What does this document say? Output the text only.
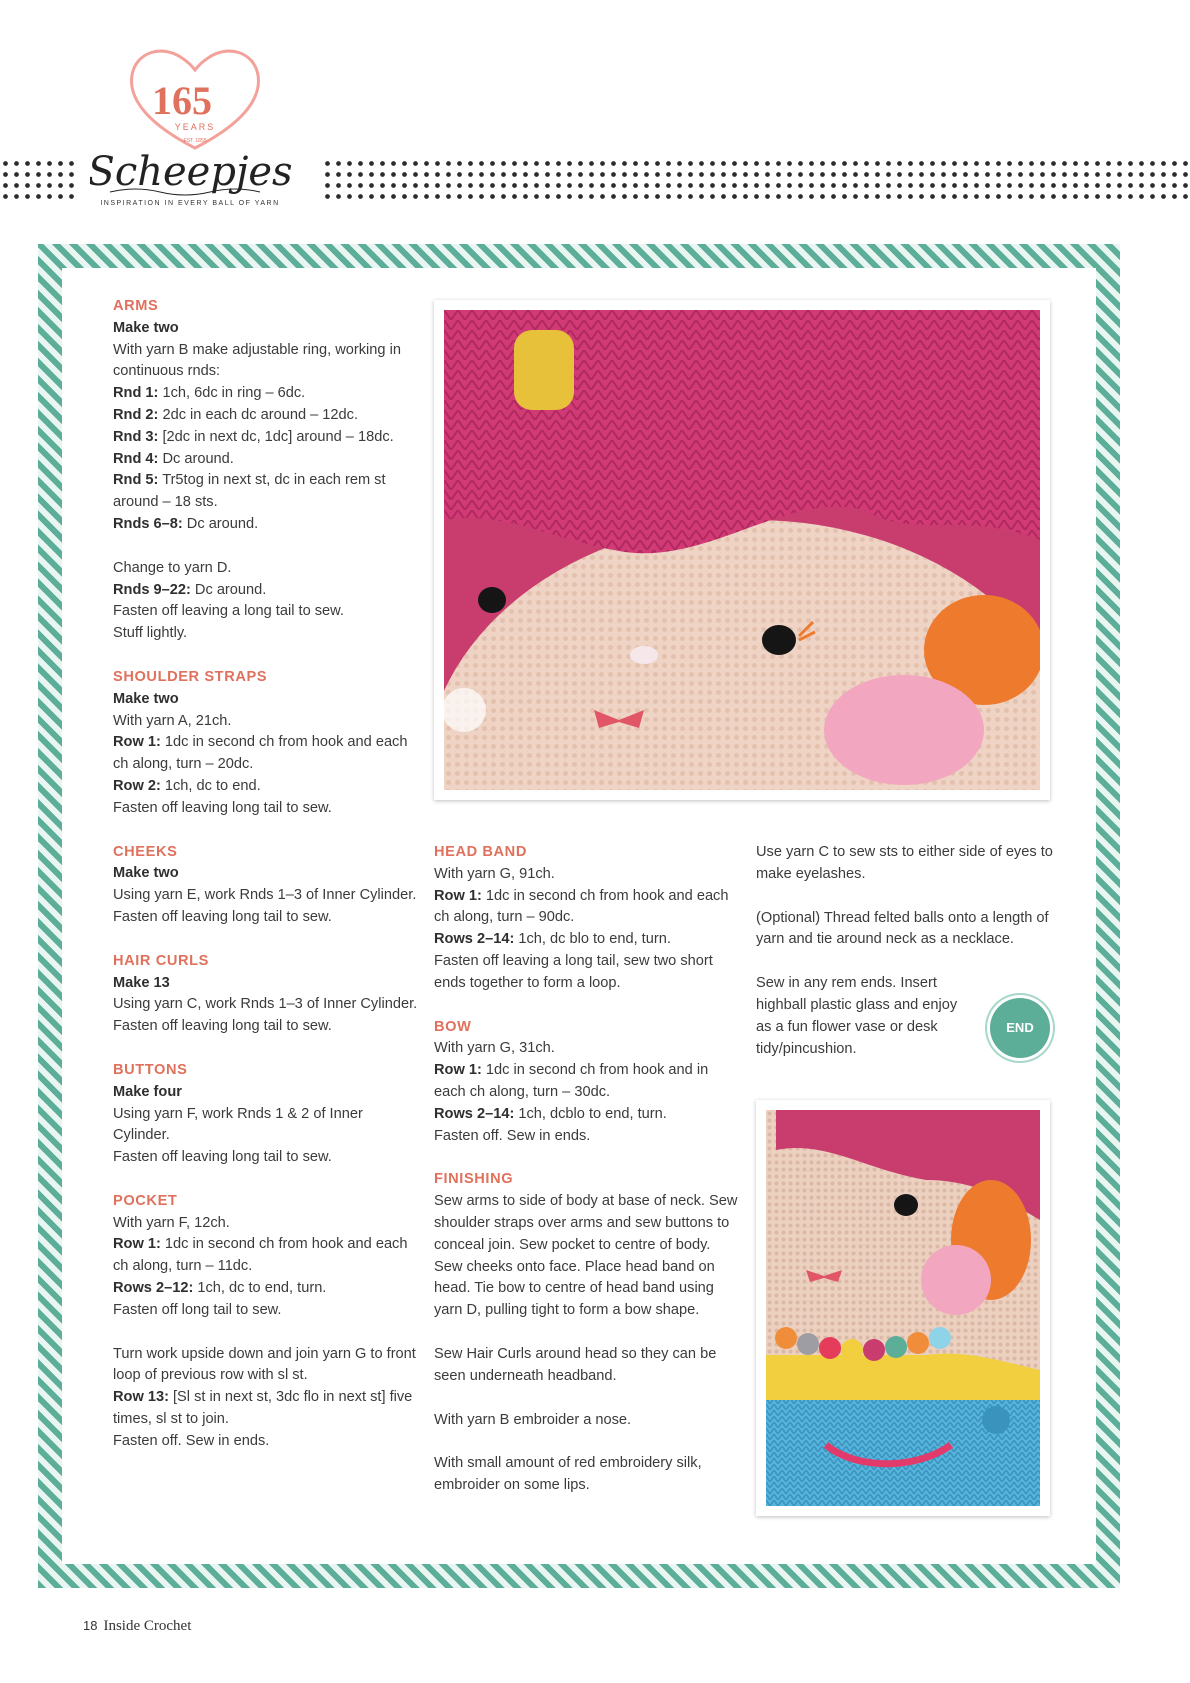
165
YEARS
EST. 1855
Scheepjes
INSPIRATION IN EVERY BALL OF YARN

ARMS

Make two

With yarn B make adjustable ring, working in continuous rnds:

Rnd 1: 1ch, 6dc in ring – 6dc.

Rnd 2: 2dc in each dc around – 12dc.

Rnd 3: [2dc in next dc, 1dc] around – 18dc.

Rnd 4: Dc around.

Rnd 5: Tr5tog in next st, dc in each rem st around – 18 sts.

Rnds 6–8: Dc around.

Change to yarn D.

Rnds 9–22: Dc around.

Fasten off leaving a long tail to sew.

Stuff lightly.

SHOULDER STRAPS

Make two

With yarn A, 21ch.

Row 1: 1dc in second ch from hook and each ch along, turn – 20dc.

Row 2: 1ch, dc to end.

Fasten off leaving long tail to sew.

CHEEKS

Make two

Using yarn E, work Rnds 1–3 of Inner Cylinder.

Fasten off leaving long tail to sew.

HAIR CURLS

Make 13

Using yarn C, work Rnds 1–3 of Inner Cylinder.

Fasten off leaving long tail to sew.

BUTTONS

Make four

Using yarn F, work Rnds 1 & 2 of Inner Cylinder.

Fasten off leaving long tail to sew.

POCKET

With yarn F, 12ch.

Row 1: 1dc in second ch from hook and each ch along, turn – 11dc.

Rows 2–12: 1ch, dc to end, turn.

Fasten off long tail to sew.

Turn work upside down and join yarn G to front loop of previous row with sl st.

Row 13: [Sl st in next st, 3dc flo in next st] five times, sl st to join.

Fasten off. Sew in ends.

HEAD BAND

With yarn G, 91ch.

Row 1: 1dc in second ch from hook and each ch along, turn – 90dc.

Rows 2–14: 1ch, dc blo to end, turn.

Fasten off leaving a long tail, sew two short ends together to form a loop.

BOW

With yarn G, 31ch.

Row 1: 1dc in second ch from hook and in each ch along, turn – 30dc.

Rows 2–14: 1ch, dcblo to end, turn.

Fasten off. Sew in ends.

FINISHING

Sew arms to side of body at base of neck. Sew shoulder straps over arms and sew buttons to conceal join. Sew pocket to centre of body. Sew cheeks onto face. Place head band on head. Tie bow to centre of head band using yarn D, pulling tight to form a bow shape.

Sew Hair Curls around head so they can be seen underneath headband.

With yarn B embroider a nose.

With small amount of red embroidery silk, embroider on some lips.

Use yarn C to sew sts to either side of eyes to make eyelashes.

(Optional) Thread felted balls onto a length of yarn and tie around neck as a necklace.

Sew in any rem ends. Insert highball plastic glass and enjoy as a fun flower vase or desk tidy/pincushion.

END
18 Inside Crochet
